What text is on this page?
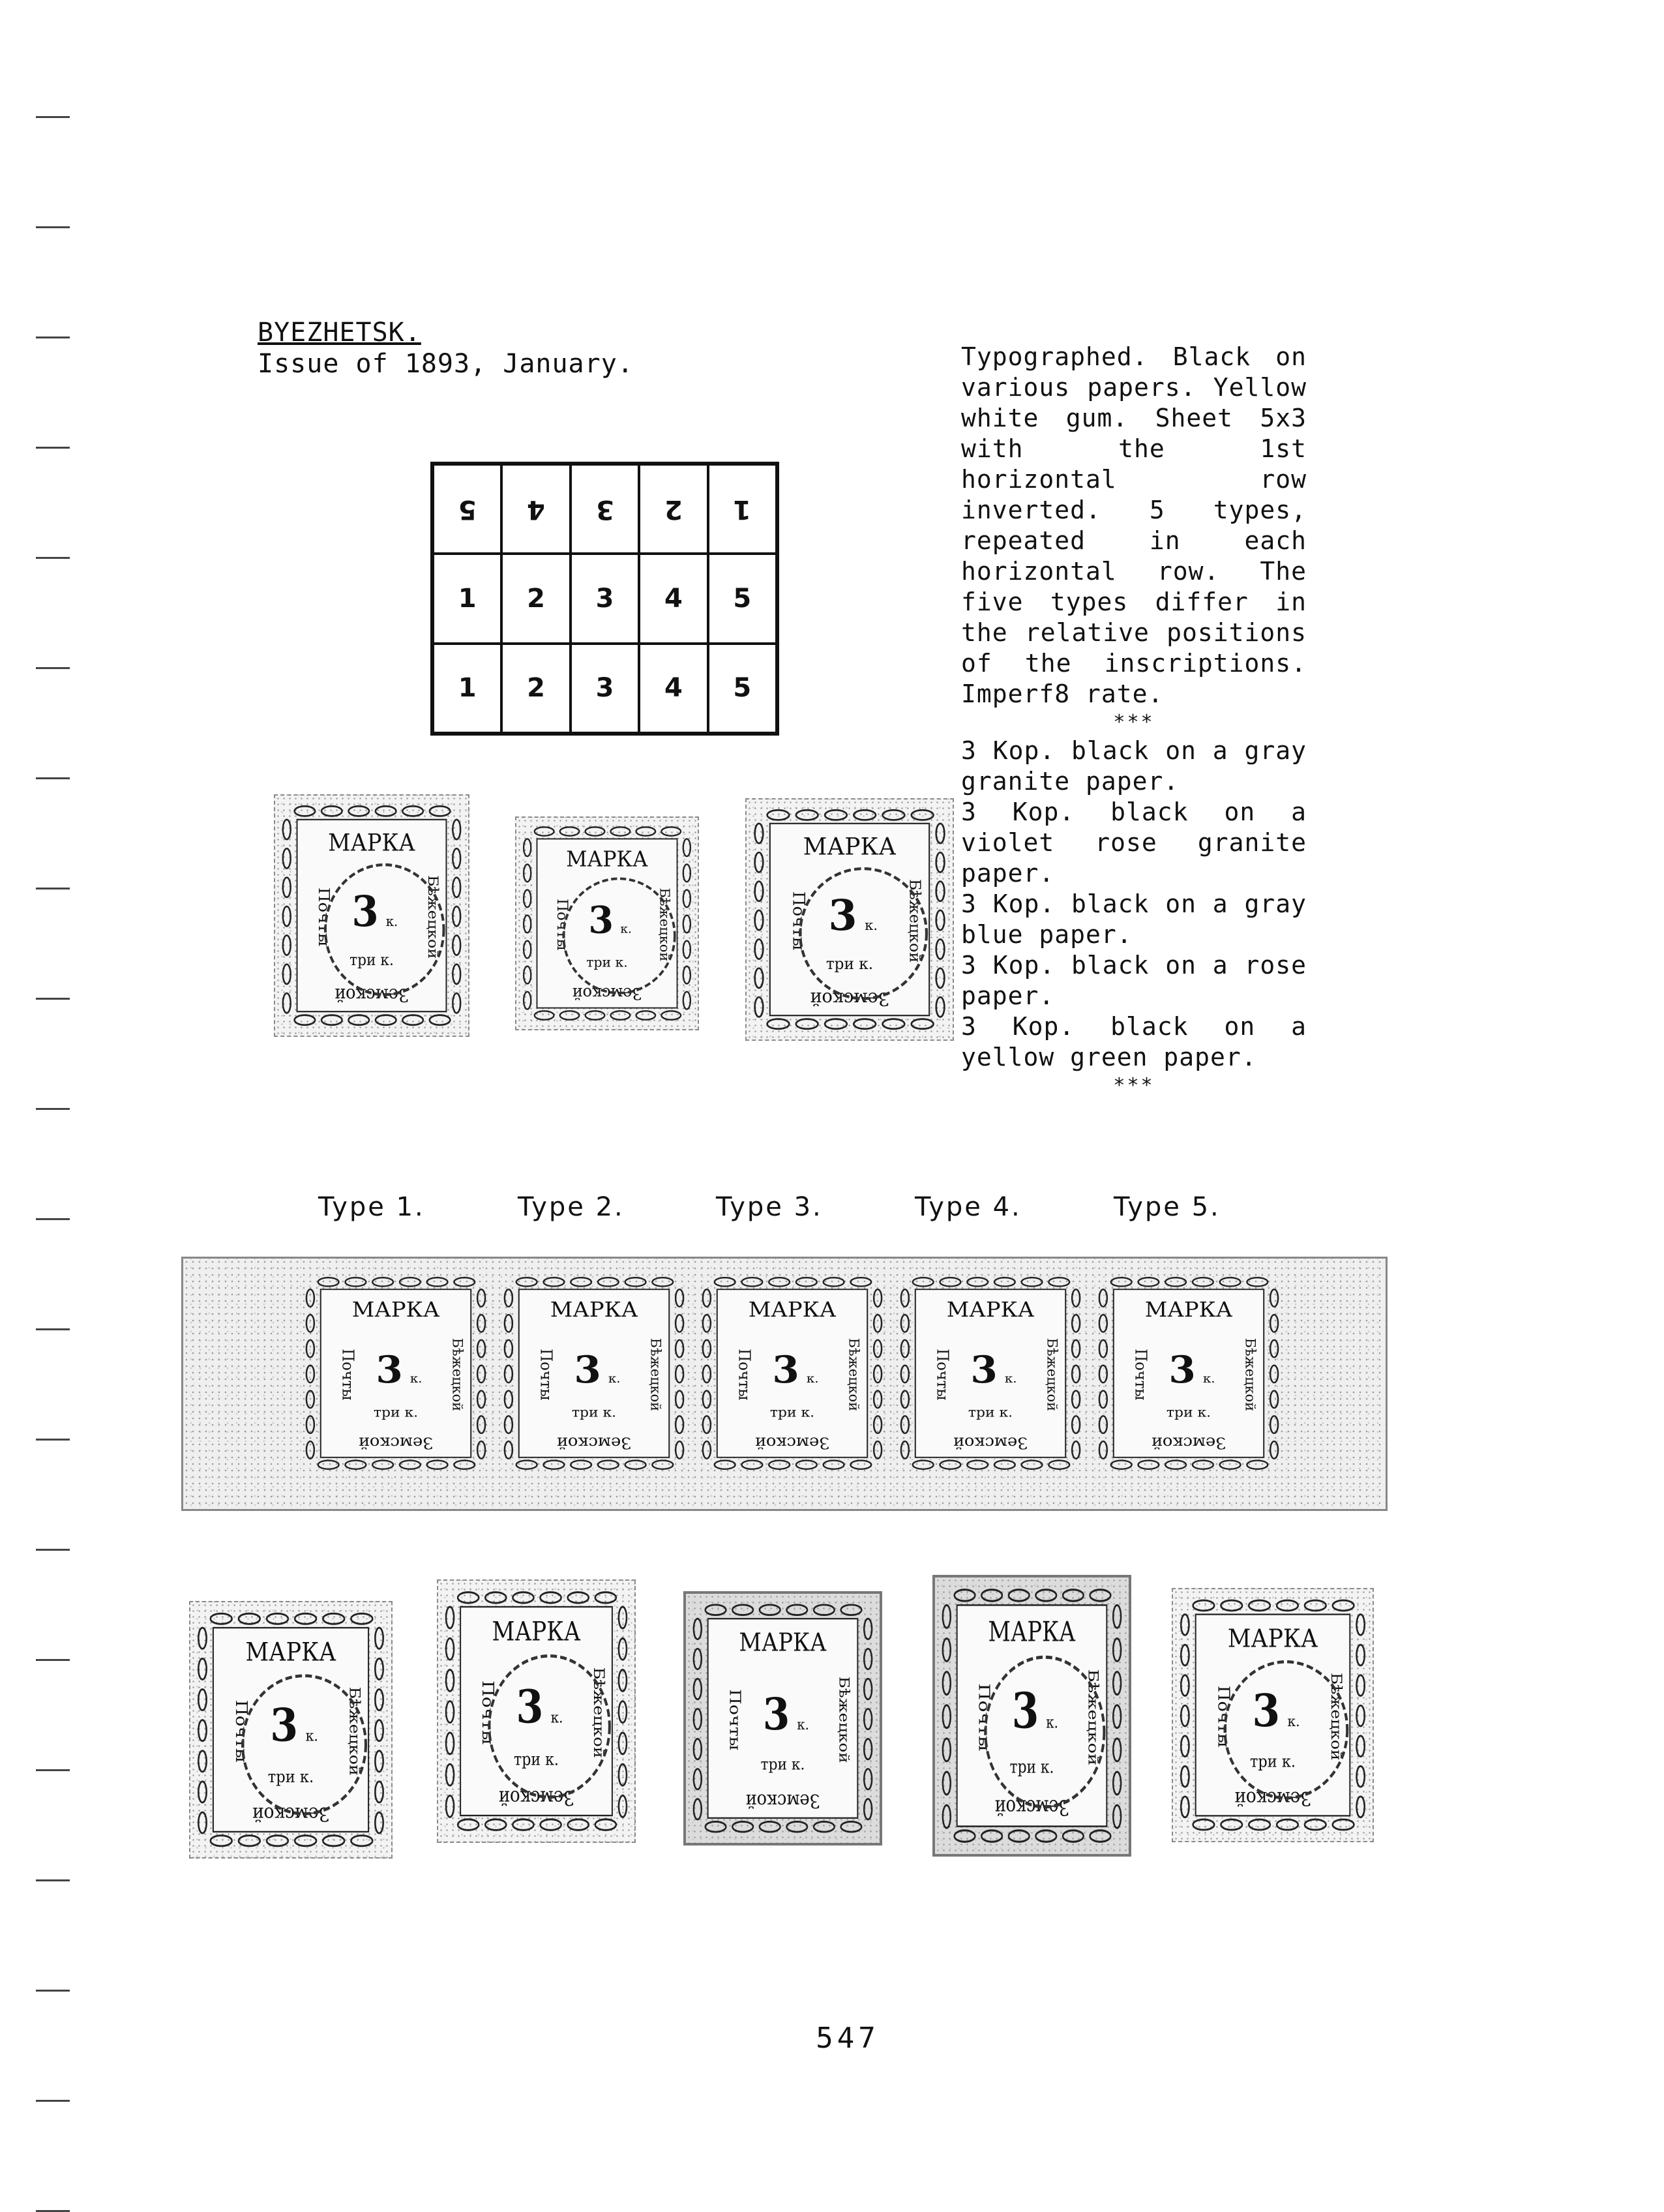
BYEZHETSK.
Issue of 1893, January.	Typographed. Black on various papers. Yellow white gum. Sheet 5x3 with the 1st horizontal row inverted. 5 types, repeated in each horizontal row. The five types differ in the relative positions of the inscriptions. Imperf8 rate.

***
3 Kop. black on a gray granite paper.
3 Kop. black on a violet rose granite paper.
3 Kop. black on a gray blue paper.
3 Kop. black on a rose paper.
3 Kop. black on a yellow green paper.
***
5 4 3 2 1
1 2 3 4 5
1 2 3 4 5
МАРКА
3 к.
три к.
Земской
Почты	Бѣжецкой
МАРКА
3 к.
три к.
Земской
Почты	Бѣжецкой
МАРКА
3 к.
три к.
Земской
Почты	Бѣжецкой
Type 1.	Type 2.	Type 3.	Type 4.	Type 5.
МАРКА
3 к.
три к.
Земской
Почты	Бѣжецкой
МАРКА
3 к.
три к.
Земской
Почты	Бѣжецкой
МАРКА
3 к.
три к.
Земской
Почты	Бѣжецкой
МАРКА
3 к.
три к.
Земской
Почты	Бѣжецкой
МАРКА
3 к.
три к.
Земской
Почты	Бѣжецкой
МАРКА
3 к.
три к.
Земской
Почты	Бѣжецкой
МАРКА
3 к.
три к.
Земской
Почты	Бѣжецкой
МАРКА
3 к.
три к.
Земской
Почты	Бѣжецкой
МАРКА
3 к.
три к.
Земской
Почты	Бѣжецкой
МАРКА
3 к.
три к.
Земской
Почты	Бѣжецкой
547
